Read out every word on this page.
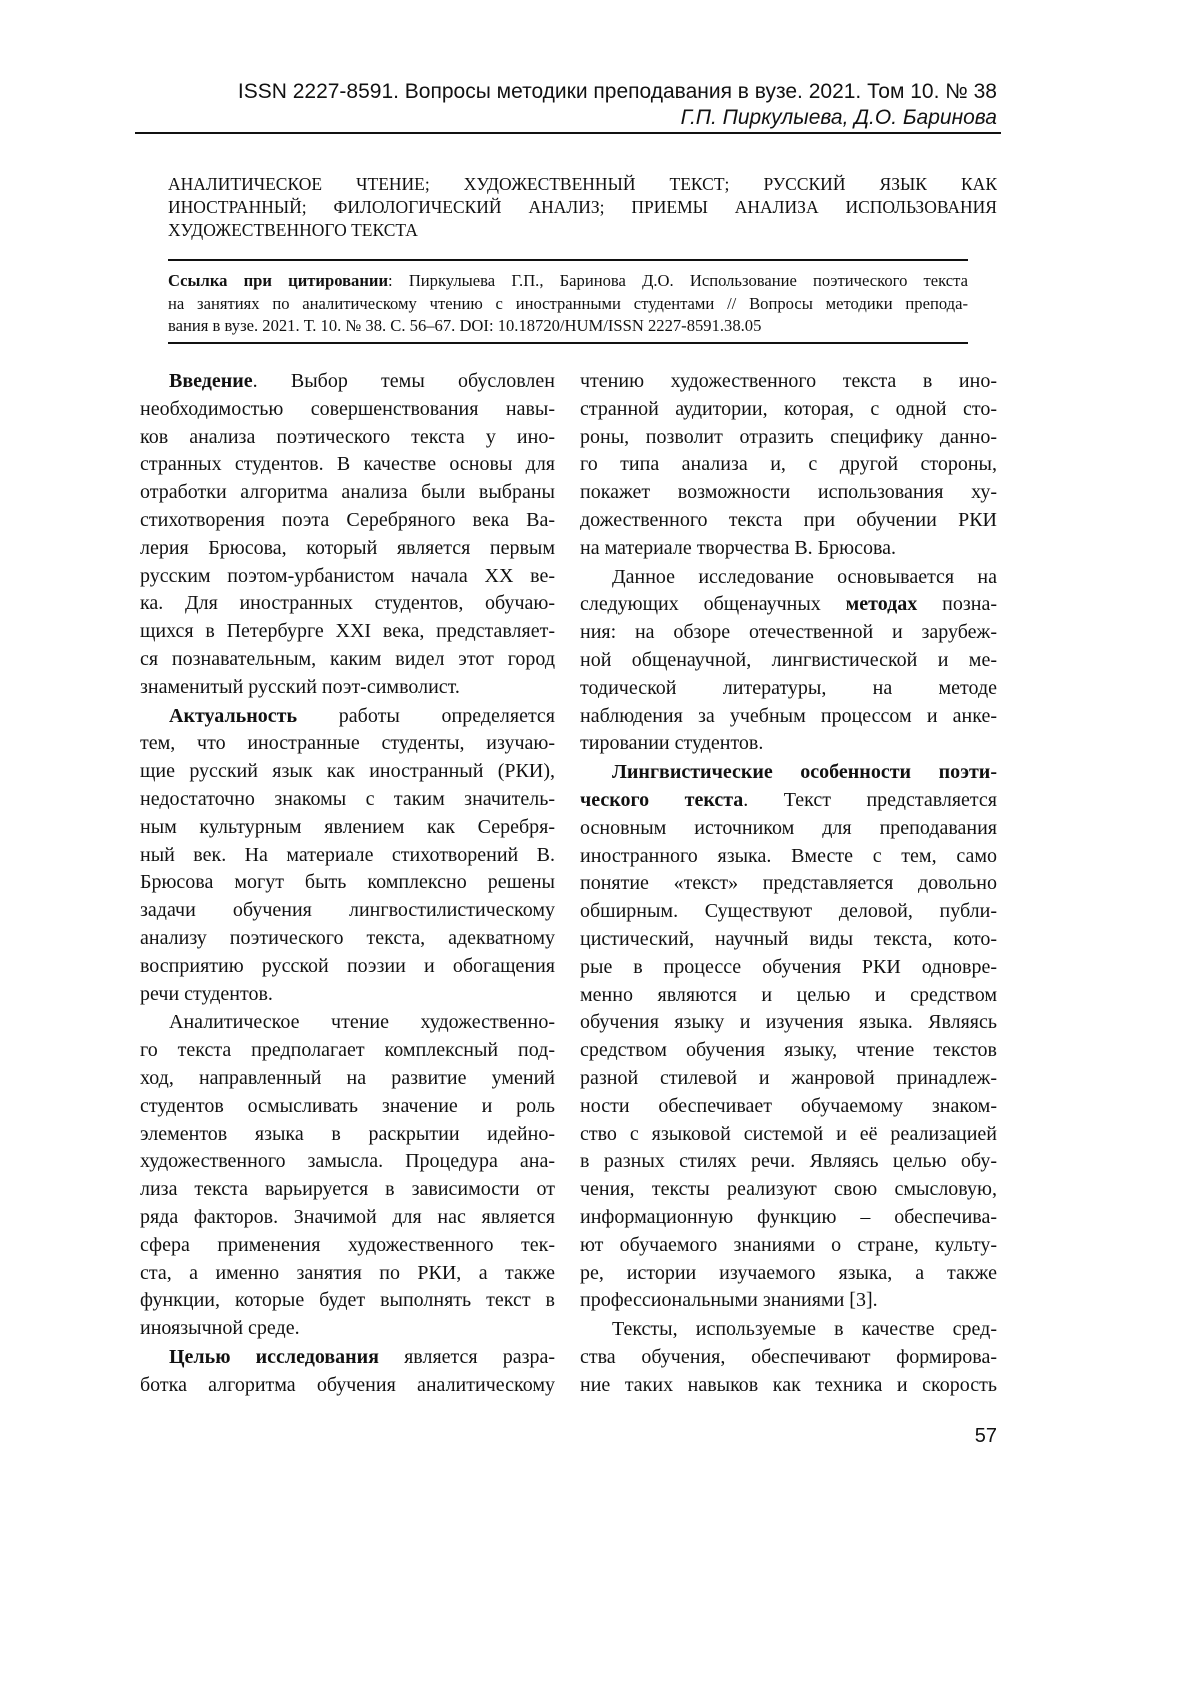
ISSN 2227-8591. Вопросы методики преподавания в вузе. 2021. Том 10. № 38
Г.П. Пиркулыева, Д.О. Баринова
АНАЛИТИЧЕСКОЕ ЧТЕНИЕ; ХУДОЖЕСТВЕННЫЙ ТЕКСТ; РУССКИЙ ЯЗЫК КАК
ИНОСТРАННЫЙ; ФИЛОЛОГИЧЕСКИЙ АНАЛИЗ; ПРИЕМЫ АНАЛИЗА ИСПОЛЬЗОВАНИЯ
ХУДОЖЕСТВЕННОГО ТЕКСТА
Ссылка при цитировании: Пиркулыева Г.П., Баринова Д.О. Использование поэтического текста
на занятиях по аналитическому чтению с иностранными студентами // Вопросы методики препода-
вания в вузе. 2021. Т. 10. № 38. С. 56–67. DOI: 10.18720/HUM/ISSN 2227-8591.38.05
Введение. Выбор темы обусловлен
необходимостью совершенствования навы-
ков анализа поэтического текста у ино-
странных студентов. В качестве основы для
отработки алгоритма анализа были выбраны
стихотворения поэта Серебряного века Ва-
лерия Брюсова, который является первым
русским поэтом-урбанистом начала XX ве-
ка. Для иностранных студентов, обучаю-
щихся в Петербурге XXI века, представляет-
ся познавательным, каким видел этот город
знаменитый русский поэт-символист.
Актуальность работы определяется
тем, что иностранные студенты, изучаю-
щие русский язык как иностранный (РКИ),
недостаточно знакомы с таким значитель-
ным культурным явлением как Серебря-
ный век. На материале стихотворений В.
Брюсова могут быть комплексно решены
задачи обучения лингвостилистическому
анализу поэтического текста, адекватному
восприятию русской поэзии и обогащения
речи студентов.
Аналитическое чтение художественно-
го текста предполагает комплексный под-
ход, направленный на развитие умений
студентов осмысливать значение и роль
элементов языка в раскрытии идейно-
художественного замысла. Процедура ана-
лиза текста варьируется в зависимости от
ряда факторов. Значимой для нас является
сфера применения художественного тек-
ста, а именно занятия по РКИ, а также
функции, которые будет выполнять текст в
иноязычной среде.
Целью исследования является разра-
ботка алгоритма обучения аналитическому
чтению художественного текста в ино-
странной аудитории, которая, с одной сто-
роны, позволит отразить специфику данно-
го типа анализа и, с другой стороны,
покажет возможности использования ху-
дожественного текста при обучении РКИ
на материале творчества В. Брюсова.
Данное исследование основывается на
следующих общенаучных методах позна-
ния: на обзоре отечественной и зарубеж-
ной общенаучной, лингвистической и ме-
тодической литературы, на методе
наблюдения за учебным процессом и анке-
тировании студентов.
Лингвистические особенности поэти-
ческого текста. Текст представляется
основным источником для преподавания
иностранного языка. Вместе с тем, само
понятие «текст» представляется довольно
обширным. Существуют деловой, публи-
цистический, научный виды текста, кото-
рые в процессе обучения РКИ одновре-
менно являются и целью и средством
обучения языку и изучения языка. Являясь
средством обучения языку, чтение текстов
разной стилевой и жанровой принадлеж-
ности обеспечивает обучаемому знаком-
ство с языковой системой и её реализацией
в разных стилях речи. Являясь целью обу-
чения, тексты реализуют свою смысловую,
информационную функцию – обеспечива-
ют обучаемого знаниями о стране, культу-
ре, истории изучаемого языка, а также
профессиональными знаниями [3].
Тексты, используемые в качестве сред-
ства обучения, обеспечивают формирова-
ние таких навыков как техника и скорость
57
